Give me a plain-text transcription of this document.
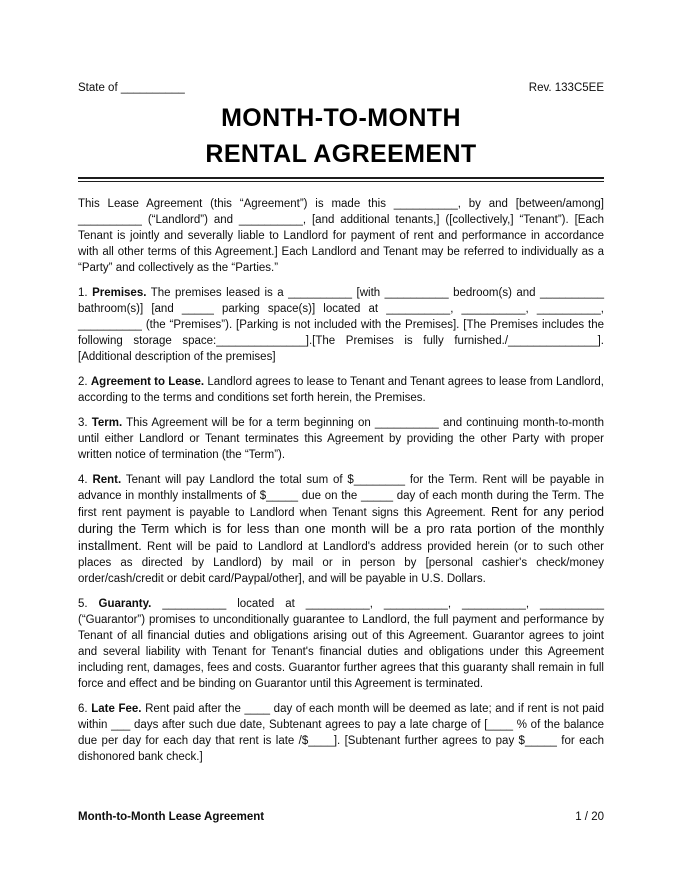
State of __________	Rev. 133C5EE
MONTH-TO-MONTH
RENTAL AGREEMENT

This Lease Agreement (this “Agreement”) is made this __________, by and [between/among] __________ (“Landlord”) and __________, [and additional tenants,] ([collectively,] “Tenant”). [Each Tenant is jointly and severally liable to Landlord for payment of rent and performance in accordance with all other terms of this Agreement.] Each Landlord and Tenant may be referred to individually as a “Party” and collectively as the “Parties.”

1. Premises. The premises leased is a __________ [with __________ bedroom(s) and __________ bathroom(s)] [and _____ parking space(s)] located at __________, __________, __________, __________ (the “Premises”). [Parking is not included with the Premises]. [The Premises includes the following storage space:______________].[The Premises is fully furnished./______________]. [Additional description of the premises]

2. Agreement to Lease. Landlord agrees to lease to Tenant and Tenant agrees to lease from Landlord, according to the terms and conditions set forth herein, the Premises.

3. Term. This Agreement will be for a term beginning on __________ and continuing month-to-month until either Landlord or Tenant terminates this Agreement by providing the other Party with proper written notice of termination (the “Term”).

4. Rent. Tenant will pay Landlord the total sum of $________ for the Term. Rent will be payable in advance in monthly installments of $_____ due on the _____ day of each month during the Term. The first rent payment is payable to Landlord when Tenant signs this Agreement. Rent for any period during the Term which is for less than one month will be a pro rata portion of the monthly installment. Rent will be paid to Landlord at Landlord's address provided herein (or to such other places as directed by Landlord) by mail or in person by [personal cashier's check/money order/cash/credit or debit card/Paypal/other], and will be payable in U.S. Dollars.

5. Guaranty. __________ located at __________, __________, __________, __________ (“Guarantor”) promises to unconditionally guarantee to Landlord, the full payment and performance by Tenant of all financial duties and obligations arising out of this Agreement. Guarantor agrees to joint and several liability with Tenant for Tenant's financial duties and obligations under this Agreement including rent, damages, fees and costs. Guarantor further agrees that this guaranty shall remain in full force and effect and be binding on Guarantor until this Agreement is terminated.

6. Late Fee. Rent paid after the ____ day of each month will be deemed as late; and if rent is not paid within ___ days after such due date, Subtenant agrees to pay a late charge of [____ % of the balance due per day for each day that rent is late /$____]. [Subtenant further agrees to pay $_____ for each dishonored bank check.]

Month-to-Month Lease Agreement	1 / 20
